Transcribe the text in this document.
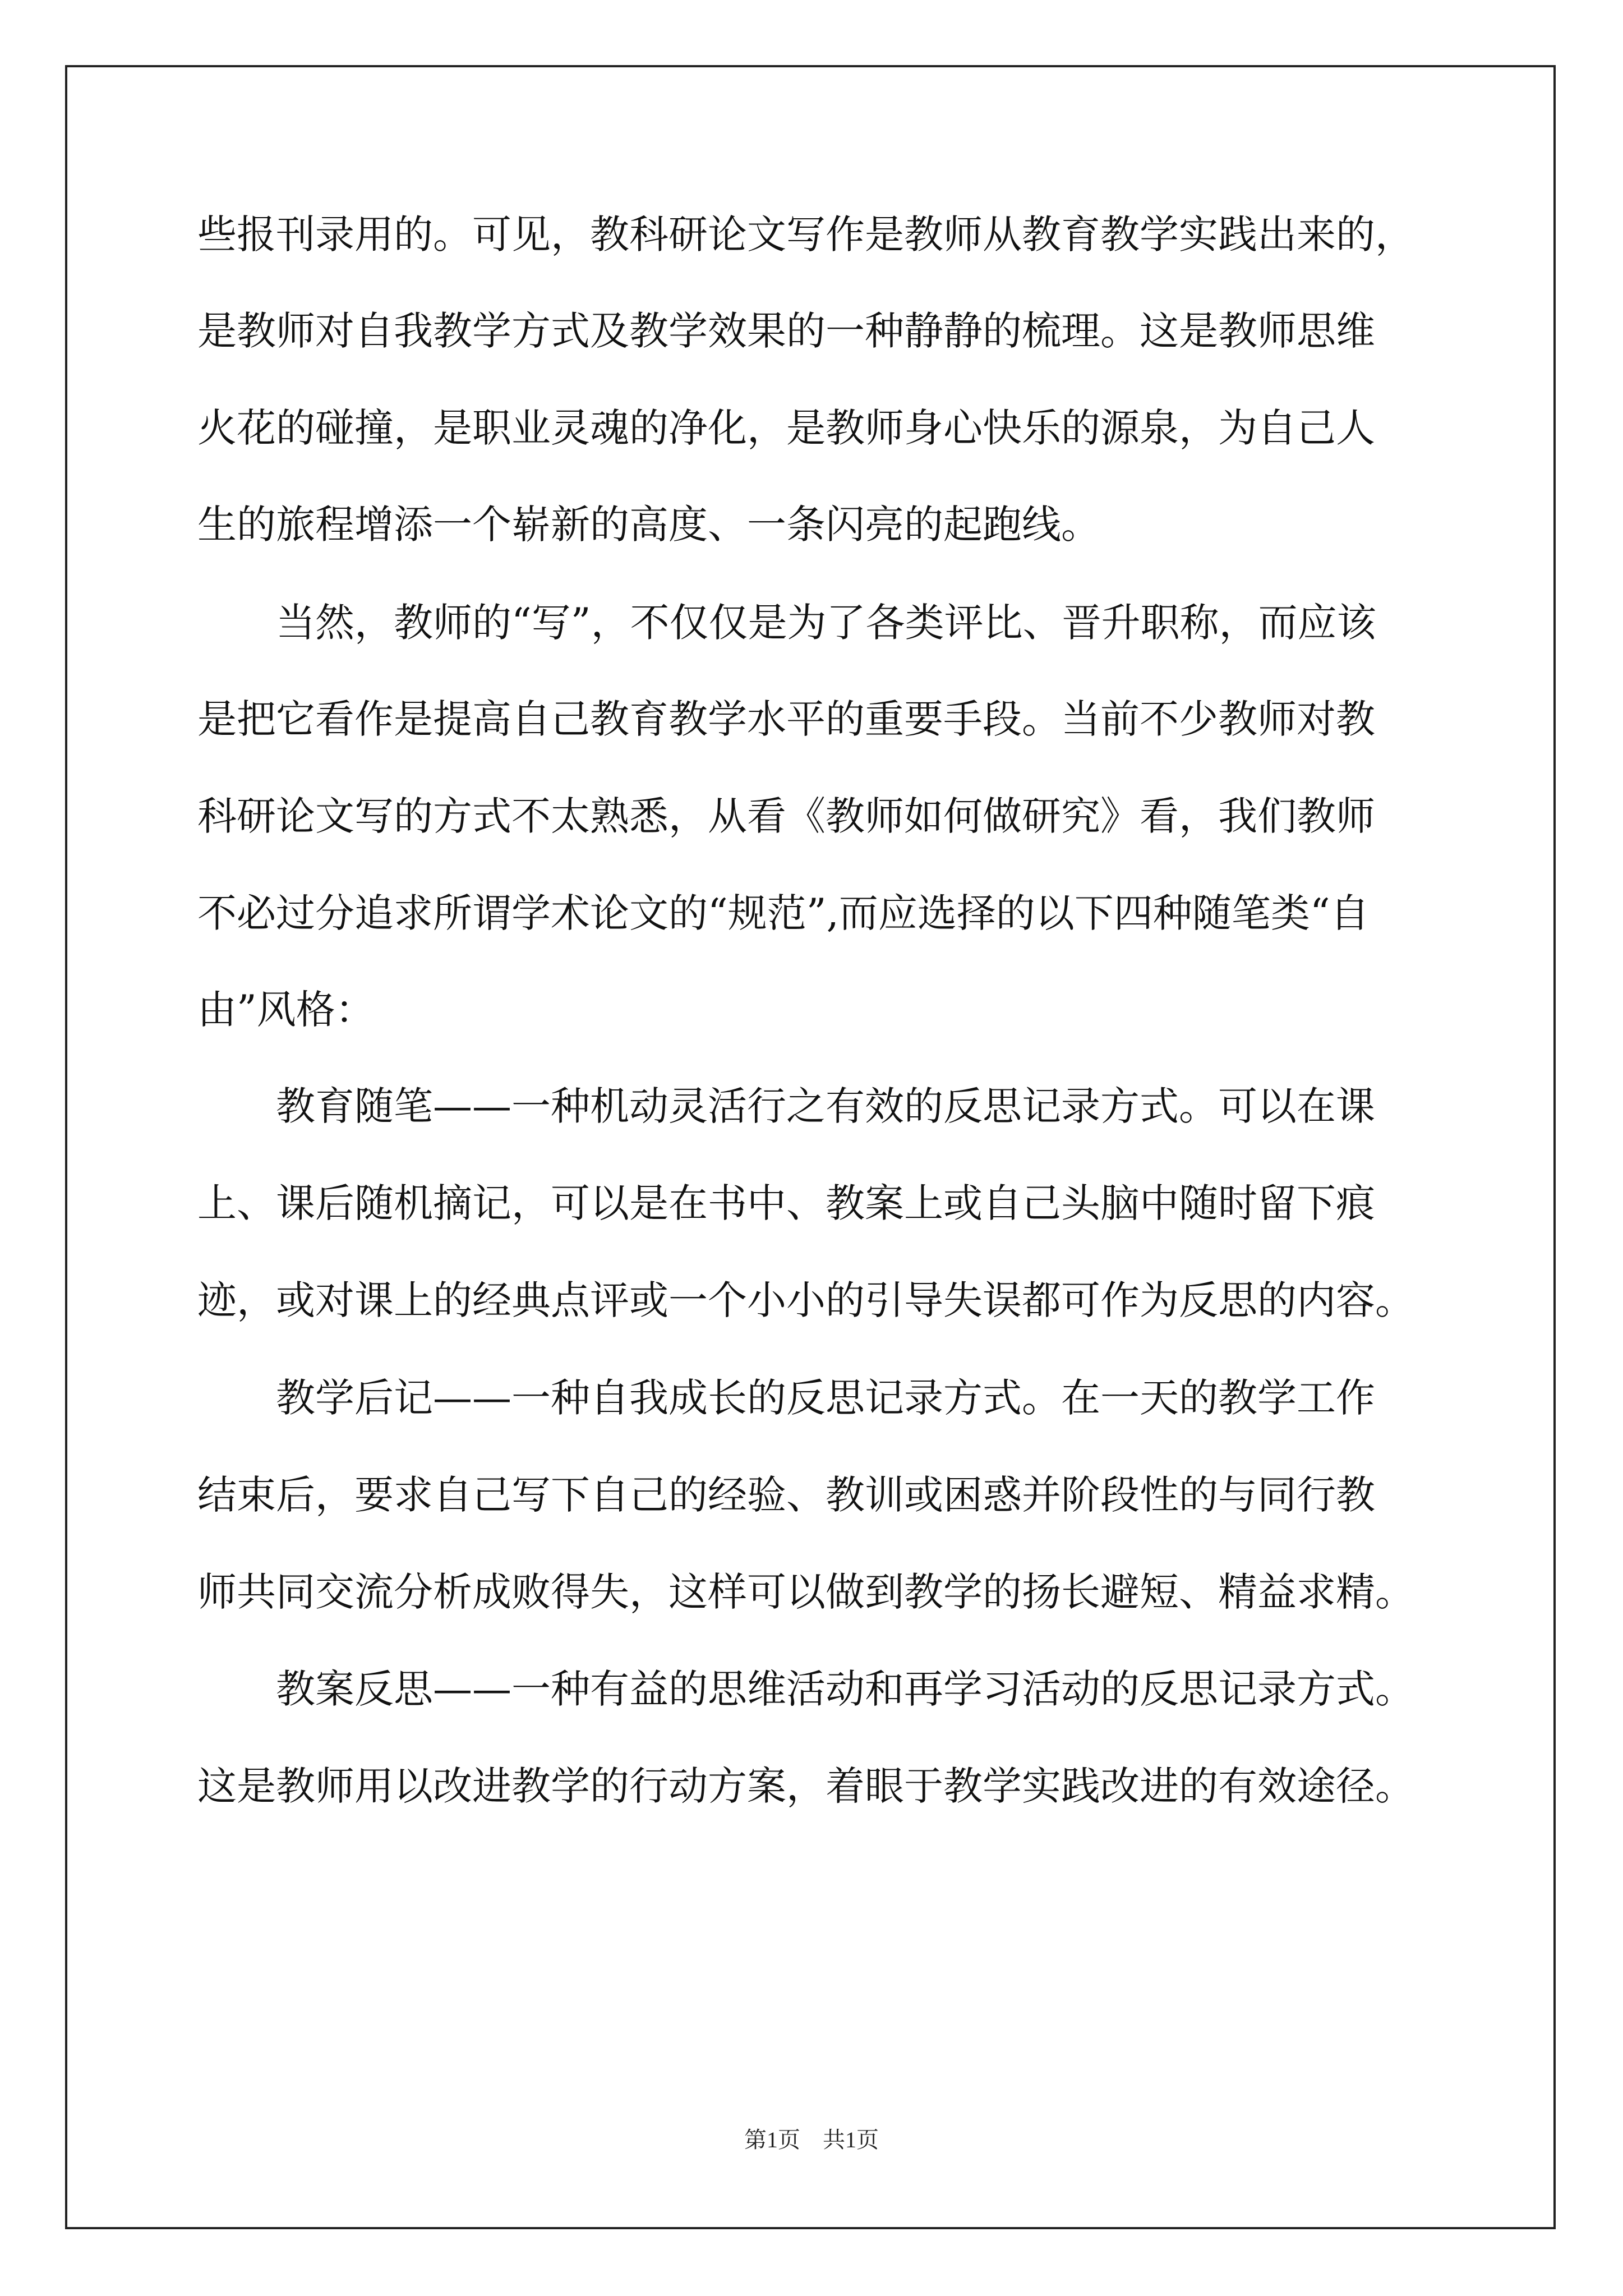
些报刊录用的。可见，教科研论文写作是教师从教育教学实践出来的，
是教师对自我教学方式及教学效果的一种静静的梳理。这是教师思维
火花的碰撞，是职业灵魂的净化，是教师身心快乐的源泉，为自己人
生的旅程增添一个崭新的高度、一条闪亮的起跑线。
　　当然，教师的“写”，不仅仅是为了各类评比、晋升职称，而应该
是把它看作是提高自己教育教学水平的重要手段。当前不少教师对教
科研论文写的方式不太熟悉，从看《教师如何做研究》看，我们教师
不必过分追求所谓学术论文的“规范”,而应选择的以下四种随笔类“自
由”风格：
　　教育随笔——一种机动灵活行之有效的反思记录方式。可以在课
上、课后随机摘记，可以是在书中、教案上或自己头脑中随时留下痕
迹，或对课上的经典点评或一个小小的引导失误都可作为反思的内容。
　　教学后记——一种自我成长的反思记录方式。在一天的教学工作
结束后，要求自己写下自己的经验、教训或困惑并阶段性的与同行教
师共同交流分析成败得失，这样可以做到教学的扬长避短、精益求精。
　　教案反思——一种有益的思维活动和再学习活动的反思记录方式。
这是教师用以改进教学的行动方案，着眼于教学实践改进的有效途径。
第1页　共1页
